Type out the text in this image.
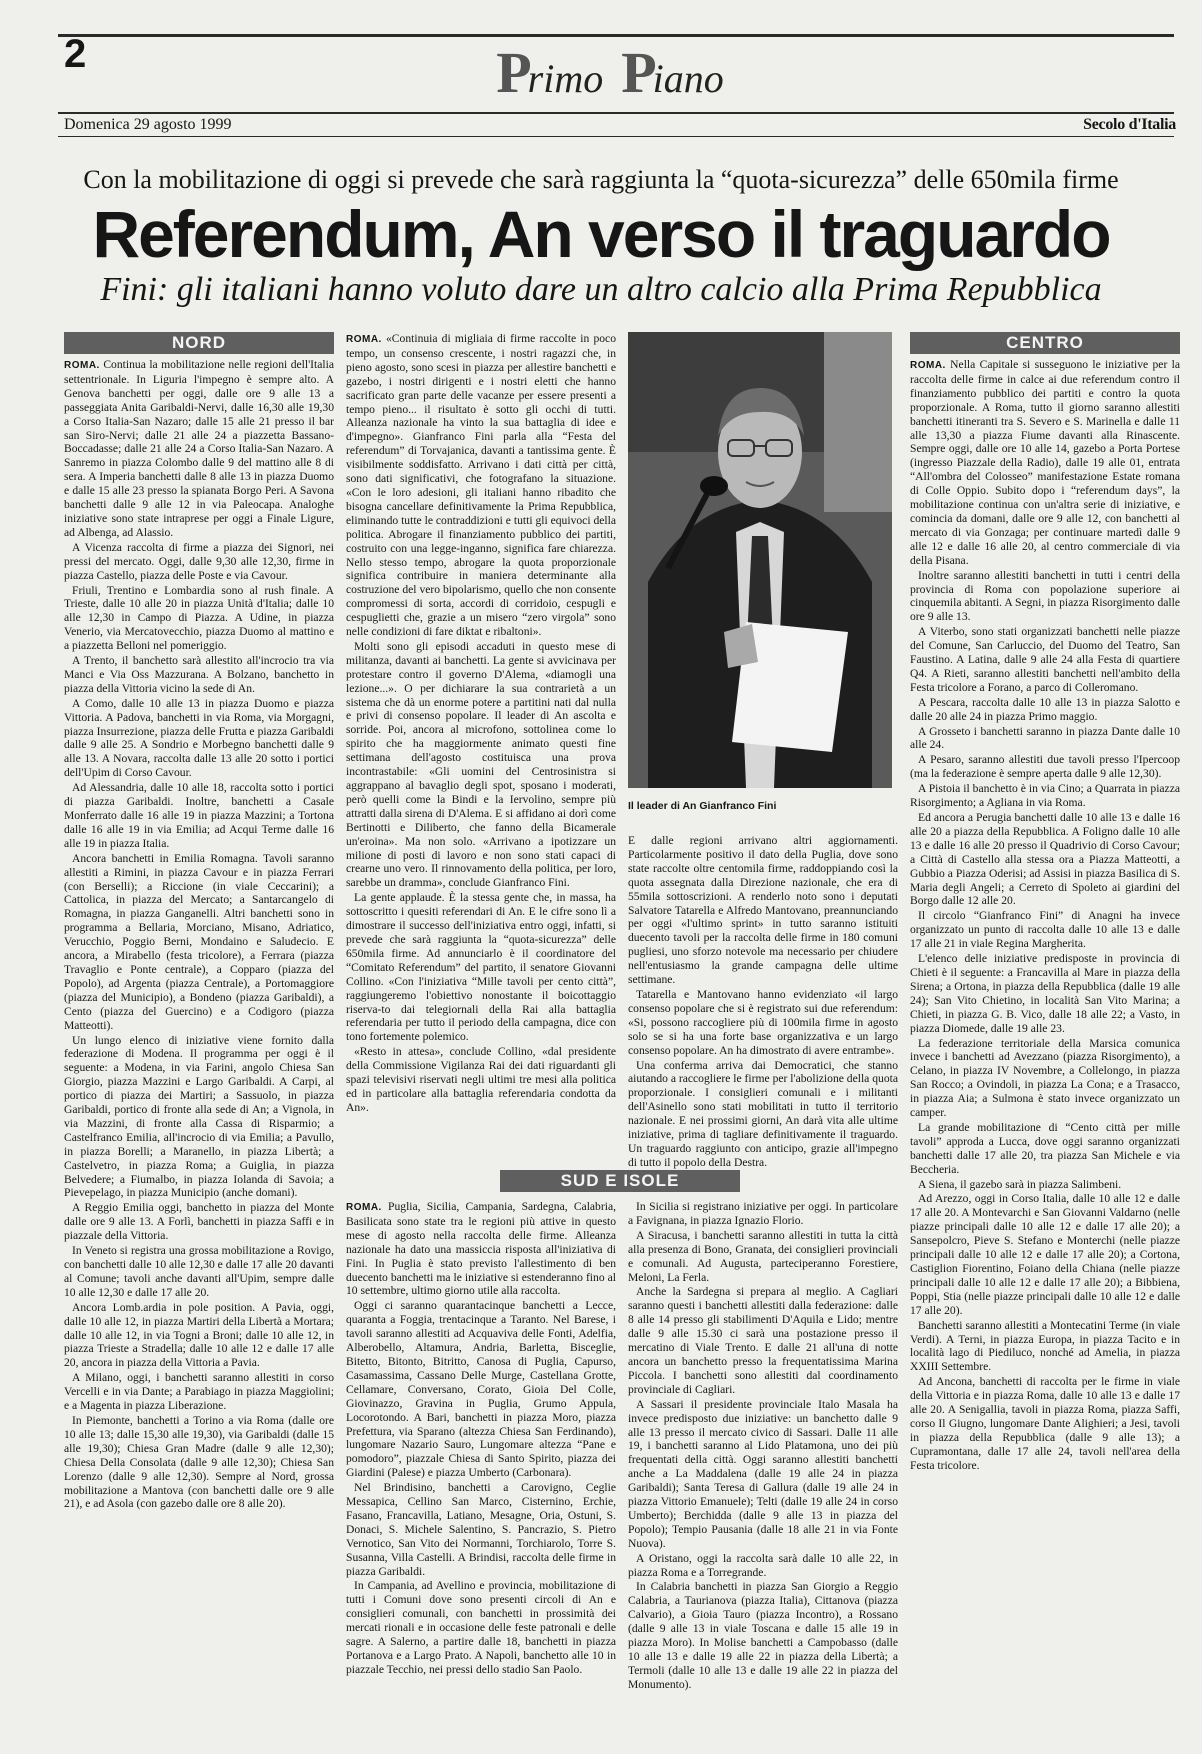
2	Primo Piano
Domenica 29 agosto 1999	Secolo d'Italia
Con la mobilitazione di oggi si prevede che sarà raggiunta la “quota-sicurezza” delle 650mila firme
Referendum, An verso il traguardo
Fini: gli italiani hanno voluto dare un altro calcio alla Prima Repubblica
NORD

ROMA. Continua la mobilitazione nelle regioni dell'Italia settentrionale. In Liguria l'impegno è sempre alto. A Genova banchetti per oggi, dalle ore 9 alle 13 a passeggiata Anita Garibaldi-Nervi, dalle 16,30 alle 19,30 a Corso Italia-San Nazaro; dalle 15 alle 21 presso il bar san Siro-Nervi; dalle 21 alle 24 a piazzetta Bassano-Boccadasse; dalle 21 alle 24 a Corso Italia-San Nazaro. A Sanremo in piazza Colombo dalle 9 del mattino alle 8 di sera. A Imperia banchetti dalle 8 alle 13 in piazza Duomo e dalle 15 alle 23 presso la spianata Borgo Peri. A Savona banchetti dalle 9 alle 12 in via Paleocapa. Analoghe iniziative sono state intraprese per oggi a Finale Ligure, ad Albenga, ad Alassio.

A Vicenza raccolta di firme a piazza dei Signori, nei pressi del mercato. Oggi, dalle 9,30 alle 12,30, firme in piazza Castello, piazza delle Poste e via Cavour.

Friuli, Trentino e Lombardia sono al rush finale. A Trieste, dalle 10 alle 20 in piazza Unità d'Italia; dalle 10 alle 12,30 in Campo di Piazza. A Udine, in piazza Venerio, via Mercatovecchio, piazza Duomo al mattino e a piazzetta Belloni nel pomeriggio.

A Trento, il banchetto sarà allestito all'incrocio tra via Manci e Via Oss Mazzurana. A Bolzano, banchetto in piazza della Vittoria vicino la sede di An.

A Como, dalle 10 alle 13 in piazza Duomo e piazza Vittoria. A Padova, banchetti in via Roma, via Morgagni, piazza Insurrezione, piazza delle Frutta e piazza Garibaldi dalle 9 alle 25. A Sondrio e Morbegno banchetti dalle 9 alle 13. A Novara, raccolta dalle 13 alle 20 sotto i portici dell'Upim di Corso Cavour.

Ad Alessandria, dalle 10 alle 18, raccolta sotto i portici di piazza Garibaldi. Inoltre, banchetti a Casale Monferrato dalle 16 alle 19 in piazza Mazzini; a Tortona dalle 16 alle 19 in via Emilia; ad Acqui Terme dalle 16 alle 19 in piazza Italia.

Ancora banchetti in Emilia Romagna. Tavoli saranno allestiti a Rimini, in piazza Cavour e in piazza Ferrari (con Berselli); a Riccione (in viale Ceccarini); a Cattolica, in piazza del Mercato; a Santarcangelo di Romagna, in piazza Ganganelli. Altri banchetti sono in programma a Bellaria, Morciano, Misano, Adriatico, Verucchio, Poggio Berni, Mondaino e Saludecio. E ancora, a Mirabello (festa tricolore), a Ferrara (piazza Travaglio e Ponte centrale), a Copparo (piazza del Popolo), ad Argenta (piazza Centrale), a Portomaggiore (piazza del Municipio), a Bondeno (piazza Garibaldi), a Cento (piazza del Guercino) e a Codigoro (piazza Matteotti).

Un lungo elenco di iniziative viene fornito dalla federazione di Modena. Il programma per oggi è il seguente: a Modena, in via Farini, angolo Chiesa San Giorgio, piazza Mazzini e Largo Garibaldi. A Carpi, al portico di piazza dei Martiri; a Sassuolo, in piazza Garibaldi, portico di fronte alla sede di An; a Vignola, in via Mazzini, di fronte alla Cassa di Risparmio; a Castelfranco Emilia, all'incrocio di via Emilia; a Pavullo, in piazza Borelli; a Maranello, in piazza Libertà; a Castelvetro, in piazza Roma; a Guiglia, in piazza Belvedere; a Fiumalbo, in piazza Iolanda di Savoia; a Pievepelago, in piazza Municipio (anche domani).

A Reggio Emilia oggi, banchetto in piazza del Monte dalle ore 9 alle 13. A Forlì, banchetti in piazza Saffi e in piazzale della Vittoria.

In Veneto si registra una grossa mobilitazione a Rovigo, con banchetti dalle 10 alle 12,30 e dalle 17 alle 20 davanti al Comune; tavoli anche davanti all'Upim, sempre dalle 10 alle 12,30 e dalle 17 alle 20.

Ancora Lomb.ardia in pole position. A Pavia, oggi, dalle 10 alle 12, in piazza Martiri della Libertà a Mortara; dalle 10 alle 12, in via Togni a Broni; dalle 10 alle 12, in piazza Trieste a Stradella; dalle 10 alle 12 e dalle 17 alle 20, ancora in piazza della Vittoria a Pavia.

A Milano, oggi, i banchetti saranno allestiti in corso Vercelli e in via Dante; a Parabiago in piazza Maggiolini; e a Magenta in piazza Liberazione.

In Piemonte, banchetti a Torino a via Roma (dalle ore 10 alle 13; dalle 15,30 alle 19,30), via Garibaldi (dalle 15 alle 19,30); Chiesa Gran Madre (dalle 9 alle 12,30); Chiesa Della Consolata (dalle 9 alle 12,30); Chiesa San Lorenzo (dalle 9 alle 12,30). Sempre al Nord, grossa mobilitazione a Mantova (con banchetti dalle ore 9 alle 21), e ad Asola (con gazebo dalle ore 8 alle 20).

ROMA. «Continuia di migliaia di firme raccolte in poco tempo, un consenso crescente, i nostri ragazzi che, in pieno agosto, sono scesi in piazza per allestire banchetti e gazebo, i nostri dirigenti e i nostri eletti che hanno sacrificato gran parte delle vacanze per essere presenti a tempo pieno... il risultato è sotto gli occhi di tutti. Alleanza nazionale ha vinto la sua battaglia di idee e d'impegno». Gianfranco Fini parla alla “Festa del referendum” di Torvajanica, davanti a tantissima gente. È visibilmente soddisfatto. Arrivano i dati città per città, sono dati significativi, che fotografano la situazione. «Con le loro adesioni, gli italiani hanno ribadito che bisogna cancellare definitivamente la Prima Repubblica, eliminando tutte le contraddizioni e tutti gli equivoci della politica. Abrogare il finanziamento pubblico dei partiti, costruito con una legge-inganno, significa fare chiarezza. Nello stesso tempo, abrogare la quota proporzionale significa contribuire in maniera determinante alla costruzione del vero bipolarismo, quello che non consente compromessi di sorta, accordi di corridoio, cespugli e cespuglietti che, grazie a un misero “zero virgola” sono nelle condizioni di fare diktat e ribaltoni».

Molti sono gli episodi accaduti in questo mese di militanza, davanti ai banchetti. La gente si avvicinava per protestare contro il governo D'Alema, «diamogli una lezione...». O per dichiarare la sua contrarietà a un sistema che dà un enorme potere a partitini nati dal nulla e privi di consenso popolare. Il leader di An ascolta e sorride. Poi, ancora al microfono, sottolinea come lo spirito che ha maggiormente animato questi fine settimana dell'agosto costituisca una prova incontrastabile: «Gli uomini del Centrosinistra si aggrappano al bavaglio degli spot, sposano i moderati, però quelli come la Bindi e la Iervolino, sempre più attratti dalla sirena di D'Alema. E si affidano ai dorì come Bertinotti e Diliberto, che fanno della Bicamerale un'eroina». Ma non solo. «Arrivano a ipotizzare un milione di posti di lavoro e non sono stati capaci di crearne uno vero. Il rinnovamento della politica, per loro, sarebbe un dramma», conclude Gianfranco Fini.

La gente applaude. È la stessa gente che, in massa, ha sottoscritto i quesiti referendari di An. E le cifre sono lì a dimostrare il successo dell'iniziativa entro oggi, infatti, si prevede che sarà raggiunta la “quota-sicurezza” delle 650mila firme. Ad annunciarlo è il coordinatore del “Comitato Referendum” del partito, il senatore Giovanni Collino. «Con l'iniziativa “Mille tavoli per cento città”, raggiungeremo l'obiettivo nonostante il boicottaggio riserva-to dai telegiornali della Rai alla battaglia referendaria per tutto il periodo della campagna, dice con tono fortemente polemico.

«Resto in attesa», conclude Collino, «dal presidente della Commissione Vigilanza Rai dei dati riguardanti gli spazi televisivi riservati negli ultimi tre mesi alla politica ed in particolare alla battaglia referendaria condotta da An».

Il leader di An Gianfranco Fini

E dalle regioni arrivano altri aggiornamenti. Particolarmente positivo il dato della Puglia, dove sono state raccolte oltre centomila firme, raddoppiando così la quota assegnata dalla Direzione nazionale, che era di 55mila sottoscrizioni. A renderlo noto sono i deputati Salvatore Tatarella e Alfredo Mantovano, preannunciando per oggi «l'ultimo sprint» in tutto saranno istituiti duecento tavoli per la raccolta delle firme in 180 comuni pugliesi, uno sforzo notevole ma necessario per chiudere nell'entusiasmo la grande campagna delle ultime settimane.

Tatarella e Mantovano hanno evidenziato «il largo consenso popolare che si è registrato sui due referendum: «Si, possono raccogliere più di 100mila firme in agosto solo se si ha una forte base organizzativa e un largo consenso popolare. An ha dimostrato di avere entrambe».

Una conferma arriva dai Democratici, che stanno aiutando a raccogliere le firme per l'abolizione della quota proporzionale. I consiglieri comunali e i militanti dell'Asinello sono stati mobilitati in tutto il territorio nazionale. E nei prossimi giorni, An darà vita alle ultime iniziative, prima di tagliare definitivamente il traguardo. Un traguardo raggiunto con anticipo, grazie all'impegno di tutto il popolo della Destra.

SUD E ISOLE

ROMA. Puglia, Sicilia, Campania, Sardegna, Calabria, Basilicata sono state tra le regioni più attive in questo mese di agosto nella raccolta delle firme. Alleanza nazionale ha dato una massiccia risposta all'iniziativa di Fini. In Puglia è stato previsto l'allestimento di ben duecento banchetti ma le iniziative si estenderanno fino al 10 settembre, ultimo giorno utile alla raccolta.

Oggi ci saranno quarantacinque banchetti a Lecce, quaranta a Foggia, trentacinque a Taranto. Nel Barese, i tavoli saranno allestiti ad Acquaviva delle Fonti, Adelfia, Alberobello, Altamura, Andria, Barletta, Bisceglie, Bitetto, Bitonto, Bitritto, Canosa di Puglia, Capurso, Casamassima, Cassano Delle Murge, Castellana Grotte, Cellamare, Conversano, Corato, Gioia Del Colle, Giovinazzo, Gravina in Puglia, Grumo Appula, Locorotondo. A Bari, banchetti in piazza Moro, piazza Prefettura, via Sparano (altezza Chiesa San Ferdinando), lungomare Nazario Sauro, Lungomare altezza “Pane e pomodoro”, piazzale Chiesa di Santo Spirito, piazza dei Giardini (Palese) e piazza Umberto (Carbonara).

Nel Brindisino, banchetti a Carovigno, Ceglie Messapica, Cellino San Marco, Cisternino, Erchie, Fasano, Francavilla, Latiano, Mesagne, Oria, Ostuni, S. Donaci, S. Michele Salentino, S. Pancrazio, S. Pietro Vernotico, San Vito dei Normanni, Torchiarolo, Torre S. Susanna, Villa Castelli. A Brindisi, raccolta delle firme in piazza Garibaldi.

In Campania, ad Avellino e provincia, mobilitazione di tutti i Comuni dove sono presenti circoli di An e consiglieri comunali, con banchetti in prossimità dei mercati rionali e in occasione delle feste patronali e delle sagre. A Salerno, a partire dalle 18, banchetti in piazza Portanova e a Largo Prato. A Napoli, banchetto alle 10 in piazzale Tecchio, nei pressi dello stadio San Paolo.

In Sicilia si registrano iniziative per oggi. In particolare a Favignana, in piazza Ignazio Florio.

A Siracusa, i banchetti saranno allestiti in tutta la città alla presenza di Bono, Granata, dei consiglieri provinciali e comunali. Ad Augusta, parteciperanno Forestiere, Meloni, La Ferla.

Anche la Sardegna si prepara al meglio. A Cagliari saranno questi i banchetti allestiti dalla federazione: dalle 8 alle 14 presso gli stabilimenti D'Aquila e Lido; mentre dalle 9 alle 15.30 ci sarà una postazione presso il mercatino di Viale Trento. E dalle 21 all'una di notte ancora un banchetto presso la frequentatissima Marina Piccola. I banchetti sono allestiti dal coordinamento provinciale di Cagliari.

A Sassari il presidente provinciale Italo Masala ha invece predisposto due iniziative: un banchetto dalle 9 alle 13 presso il mercato civico di Sassari. Dalle 11 alle 19, i banchetti saranno al Lido Platamona, uno dei più frequentati della città. Oggi saranno allestiti banchetti anche a La Maddalena (dalle 19 alle 24 in piazza Garibaldi); Santa Teresa di Gallura (dalle 19 alle 24 in piazza Vittorio Emanuele); Telti (dalle 19 alle 24 in corso Umberto); Berchidda (dalle 9 alle 13 in piazza del Popolo); Tempio Pausania (dalle 18 alle 21 in via Fonte Nuova).

A Oristano, oggi la raccolta sarà dalle 10 alle 22, in piazza Roma e a Torregrande.

In Calabria banchetti in piazza San Giorgio a Reggio Calabria, a Taurianova (piazza Italia), Cittanova (piazza Calvario), a Gioia Tauro (piazza Incontro), a Rossano (dalle 9 alle 13 in viale Toscana e dalle 15 alle 19 in piazza Moro). In Molise banchetti a Campobasso (dalle 10 alle 13 e dalle 19 alle 22 in piazza della Libertà; a Termoli (dalle 10 alle 13 e dalle 19 alle 22 in piazza del Monumento).

CENTRO

ROMA. Nella Capitale si susseguono le iniziative per la raccolta delle firme in calce ai due referendum contro il finanziamento pubblico dei partiti e contro la quota proporzionale. A Roma, tutto il giorno saranno allestiti banchetti itineranti tra S. Severo e S. Marinella e dalle 11 alle 13,30 a piazza Fiume davanti alla Rinascente. Sempre oggi, dalle ore 10 alle 14, gazebo a Porta Portese (ingresso Piazzale della Radio), dalle 19 alle 01, entrata “All'ombra del Colosseo” manifestazione Estate romana di Colle Oppio. Subito dopo i “referendum days”, la mobilitazione continua con un'altra serie di iniziative, e comincia da domani, dalle ore 9 alle 12, con banchetti al mercato di via Gonzaga; per continuare martedì dalle 9 alle 12 e dalle 16 alle 20, al centro commerciale di via della Pisana.

Inoltre saranno allestiti banchetti in tutti i centri della provincia di Roma con popolazione superiore ai cinquemila abitanti. A Segni, in piazza Risorgimento dalle ore 9 alle 13.

A Viterbo, sono stati organizzati banchetti nelle piazze del Comune, San Carluccio, del Duomo del Teatro, San Faustino. A Latina, dalle 9 alle 24 alla Festa di quartiere Q4. A Rieti, saranno allestiti banchetti nell'ambito della Festa tricolore a Forano, a parco di Colleromano.

A Pescara, raccolta dalle 10 alle 13 in piazza Salotto e dalle 20 alle 24 in piazza Primo maggio.

A Grosseto i banchetti saranno in piazza Dante dalle 10 alle 24.

A Pesaro, saranno allestiti due tavoli presso l'Ipercoop (ma la federazione è sempre aperta dalle 9 alle 12,30).

A Pistoia il banchetto è in via Cino; a Quarrata in piazza Risorgimento; a Agliana in via Roma.

Ed ancora a Perugia banchetti dalle 10 alle 13 e dalle 16 alle 20 a piazza della Repubblica. A Foligno dalle 10 alle 13 e dalle 16 alle 20 presso il Quadrivio di Corso Cavour; a Città di Castello alla stessa ora a Piazza Matteotti, a Gubbio a Piazza Oderisi; ad Assisi in piazza Basilica di S. Maria degli Angeli; a Cerreto di Spoleto ai giardini del Borgo dalle 12 alle 20.

Il circolo “Gianfranco Fini” di Anagni ha invece organizzato un punto di raccolta dalle 10 alle 13 e dalle 17 alle 21 in viale Regina Margherita.

L'elenco delle iniziative predisposte in provincia di Chieti è il seguente: a Francavilla al Mare in piazza della Sirena; a Ortona, in piazza della Repubblica (dalle 19 alle 24); San Vito Chietino, in località San Vito Marina; a Chieti, in piazza G. B. Vico, dalle 18 alle 22; a Vasto, in piazza Diomede, dalle 19 alle 23.

La federazione territoriale della Marsica comunica invece i banchetti ad Avezzano (piazza Risorgimento), a Celano, in piazza IV Novembre, a Collelongo, in piazza San Rocco; a Ovindoli, in piazza La Cona; e a Trasacco, in piazza Aia; a Sulmona è stato invece organizzato un camper.

La grande mobilitazione di “Cento città per mille tavoli” approda a Lucca, dove oggi saranno organizzati banchetti dalle 17 alle 20, tra piazza San Michele e via Beccheria.

A Siena, il gazebo sarà in piazza Salimbeni.

Ad Arezzo, oggi in Corso Italia, dalle 10 alle 12 e dalle 17 alle 20. A Montevarchi e San Giovanni Valdarno (nelle piazze principali dalle 10 alle 12 e dalle 17 alle 20); a Sansepolcro, Pieve S. Stefano e Monterchi (nelle piazze principali dalle 10 alle 12 e dalle 17 alle 20); a Cortona, Castiglion Fiorentino, Foiano della Chiana (nelle piazze principali dalle 10 alle 12 e dalle 17 alle 20); a Bibbiena, Poppi, Stia (nelle piazze principali dalle 10 alle 12 e dalle 17 alle 20).

Banchetti saranno allestiti a Montecatini Terme (in viale Verdi). A Terni, in piazza Europa, in piazza Tacito e in località lago di Piediluco, nonché ad Amelia, in piazza XXIII Settembre.

Ad Ancona, banchetti di raccolta per le firme in viale della Vittoria e in piazza Roma, dalle 10 alle 13 e dalle 17 alle 20. A Senigallia, tavoli in piazza Roma, piazza Saffi, corso Il Giugno, lungomare Dante Alighieri; a Jesi, tavoli in piazza della Repubblica (dalle 9 alle 13); a Cupramontana, dalle 17 alle 24, tavoli nell'area della Festa tricolore.
